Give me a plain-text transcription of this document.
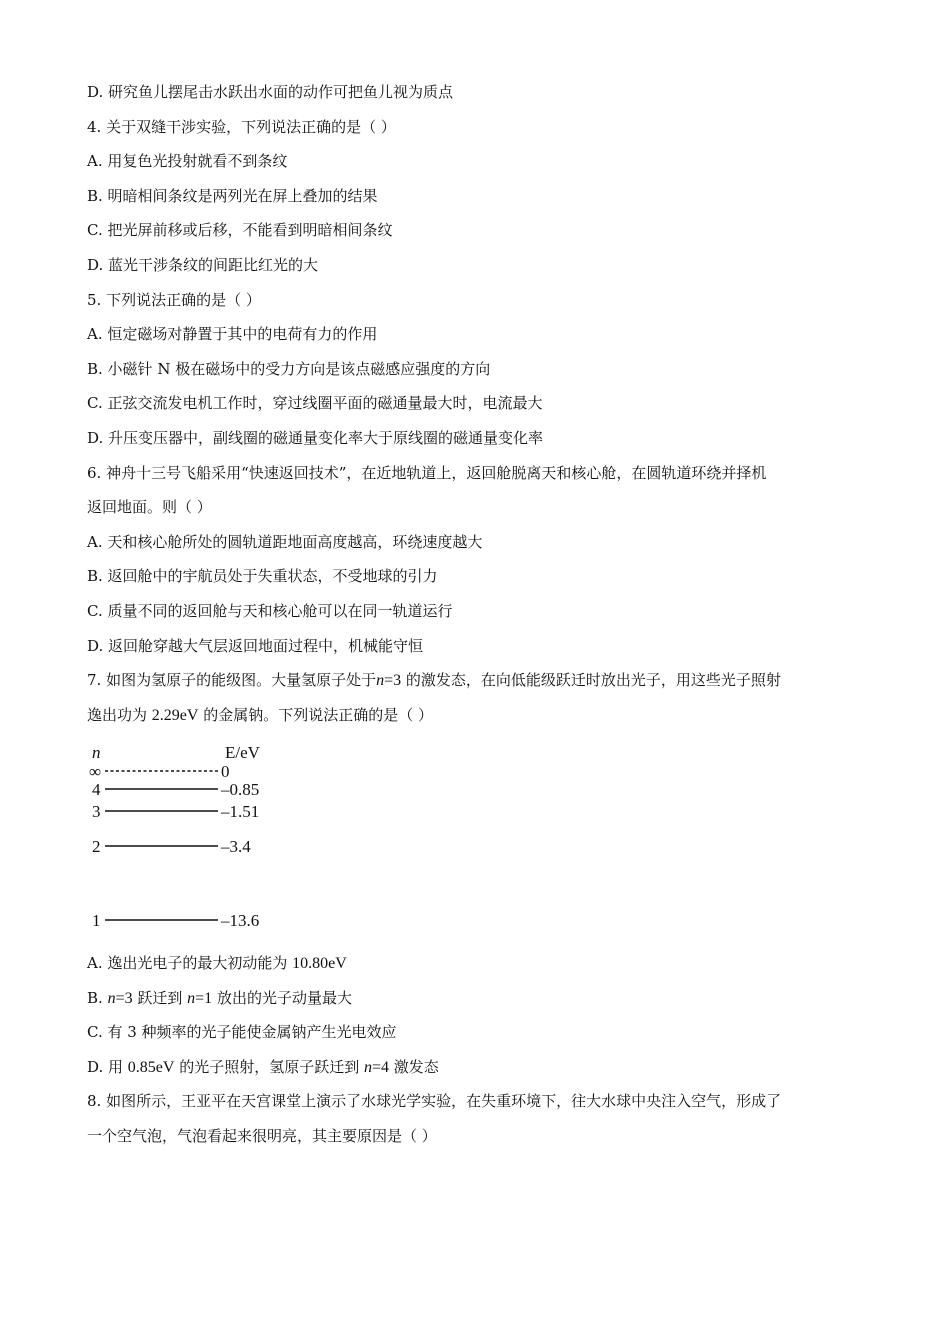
D. 研究鱼儿摆尾击水跃出水面的动作可把鱼儿视为质点
4. 关于双缝干涉实验，下列说法正确的是（ ）
A. 用复色光投射就看不到条纹
B. 明暗相间条纹是两列光在屏上叠加的结果
C. 把光屏前移或后移，不能看到明暗相间条纹
D. 蓝光干涉条纹的间距比红光的大
5. 下列说法正确的是（ ）
A. 恒定磁场对静置于其中的电荷有力的作用
B. 小磁针 N 极在磁场中的受力方向是该点磁感应强度的方向
C. 正弦交流发电机工作时，穿过线圈平面的磁通量最大时，电流最大
D. 升压变压器中，副线圈的磁通量变化率大于原线圈的磁通量变化率
6. 神舟十三号飞船采用“快速返回技术”，在近地轨道上，返回舱脱离天和核心舱，在圆轨道环绕并择机
返回地面。则（ ）
A. 天和核心舱所处的圆轨道距地面高度越高，环绕速度越大
B. 返回舱中的宇航员处于失重状态，不受地球的引力
C. 质量不同的返回舱与天和核心舱可以在同一轨道运行
D. 返回舱穿越大气层返回地面过程中，机械能守恒
7. 如图为氢原子的能级图。大量氢原子处于n=3 的激发态，在向低能级跃迁时放出光子，用这些光子照射
逸出功为 2.29eV 的金属钠。下列说法正确的是（ ）
n	E/eV
∞	0
4	–0.85
3	–1.51
2	–3.4
1	–13.6
A. 逸出光电子的最大初动能为 10.80eV
B. n=3 跃迁到 n=1 放出的光子动量最大
C. 有 3 种频率的光子能使金属钠产生光电效应
D. 用 0.85eV 的光子照射，氢原子跃迁到 n=4 激发态
8. 如图所示，王亚平在天宫课堂上演示了水球光学实验，在失重环境下，往大水球中央注入空气，形成了
一个空气泡，气泡看起来很明亮，其主要原因是（ ）
